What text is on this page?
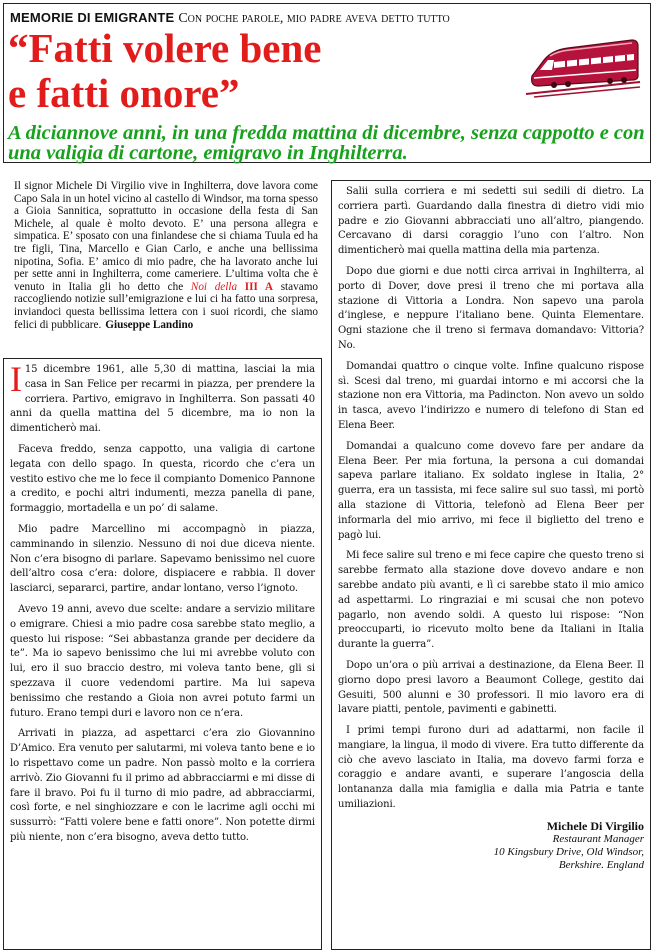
MEMORIE DI EMIGRANTE Con poche parole, mio padre aveva detto tutto
“Fatti volere bene
e fatti onore”
A diciannove anni, in una fredda mattina di dicembre, senza cappotto e con una valigia di cartone, emigravo in Inghilterra.
Il signor Michele Di Virgilio vive in Inghilterra, dove lavora come Capo Sala in un hotel vicino al castello di Windsor, ma torna spesso a Gioia Sannitica, soprattutto in occasione della festa di San Michele, al quale è molto devoto. E’ una persona allegra e simpatica. E’ sposato con una finlandese che si chiama Tuula ed ha tre figli, Tina, Marcello e Gian Carlo, e anche una bellissima nipotina, Sofia. E’ amico di mio padre, che ha lavorato anche lui per sette anni in Inghilterra, come cameriere. L’ultima volta che è venuto in Italia gli ho detto che Noi della III A stavamo raccogliendo notizie sull’emigrazione e lui ci ha fatto una sorpresa, inviandoci questa bellissima lettera con i suoi ricordi, che siamo felici di pubblicare. Giuseppe Landino

I 15 dicembre 1961, alle 5,30 di mattina, lasciai la mia casa in San Felice per recarmi in piazza, per prendere la corriera. Partivo, emigravo in Inghilterra. Son passati 40 anni da quella mattina del 5 dicembre, ma io non la dimenticherò mai.

Faceva freddo, senza cappotto, una valigia di cartone legata con dello spago. In questa, ricordo che c’era un vestito estivo che me lo fece il compianto Domenico Pannone a credito, e pochi altri indumenti, mezza panella di pane, formaggio, mortadella e un po’ di salame.

Mio padre Marcellino mi accompagnò in piazza, camminando in silenzio. Nessuno di noi due diceva niente. Non c’era bisogno di parlare. Sapevamo benissimo nel cuore dell’altro cosa c’era: dolore, dispiacere e rabbia. Il dover lasciarci, separarci, partire, andar lontano, verso l’ignoto.

Avevo 19 anni, avevo due scelte: andare a servizio militare o emigrare. Chiesi a mio padre cosa sarebbe stato meglio, a questo lui rispose: “Sei abbastanza grande per decidere da te”. Ma io sapevo benissimo che lui mi avrebbe voluto con lui, ero il suo braccio destro, mi voleva tanto bene, gli si spezzava il cuore vedendomi partire. Ma lui sapeva benissimo che restando a Gioia non avrei potuto farmi un futuro. Erano tempi duri e lavoro non ce n’era.

Arrivati in piazza, ad aspettarci c’era zio Giovannino D’Amico. Era venuto per salutarmi, mi voleva tanto bene e io lo rispettavo come un padre. Non passò molto e la corriera arrivò. Zio Giovanni fu il primo ad abbracciarmi e mi disse di fare il bravo. Poi fu il turno di mio padre, ad abbracciarmi, così forte, e nel singhiozzare e con le lacrime agli occhi mi sussurrò: “Fatti volere bene e fatti onore”. Non potette dirmi più niente, non c’era bisogno, aveva detto tutto.

Salii sulla corriera e mi sedetti sui sedili di dietro. La corriera partì. Guardando dalla finestra di dietro vidi mio padre e zio Giovanni abbracciati uno all’altro, piangendo. Cercavano di darsi coraggio l’uno con l’altro. Non dimenticherò mai quella mattina della mia partenza.

Dopo due giorni e due notti circa arrivai in Inghilterra, al porto di Dover, dove presi il treno che mi portava alla stazione di Vittoria a Londra. Non sapevo una parola d’inglese, e neppure l’italiano bene. Quinta Elementare. Ogni stazione che il treno si fermava domandavo: Vittoria? No.

Domandai quattro o cinque volte. Infine qualcuno rispose sì. Scesi dal treno, mi guardai intorno e mi accorsi che la stazione non era Vittoria, ma Padincton. Non avevo un soldo in tasca, avevo l’indirizzo e numero di telefono di Stan ed Elena Beer.

Domandai a qualcuno come dovevo fare per andare da Elena Beer. Per mia fortuna, la persona a cui domandai sapeva parlare italiano. Ex soldato inglese in Italia, 2° guerra, era un tassista, mi fece salire sul suo tassì, mi portò alla stazione di Vittoria, telefonò ad Elena Beer per informarla del mio arrivo, mi fece il biglietto del treno e pagò lui.

Mi fece salire sul treno e mi fece capire che questo treno si sarebbe fermato alla stazione dove dovevo andare e non sarebbe andato più avanti, e lì ci sarebbe stato il mio amico ad aspettarmi. Lo ringraziai e mi scusai che non potevo pagarlo, non avendo soldi. A questo lui rispose: “Non preoccuparti, io ricevuto molto bene da Italiani in Italia durante la guerra”.

Dopo un’ora o più arrivai a destinazione, da Elena Beer. Il giorno dopo presi lavoro a Beaumont College, gestito dai Gesuiti, 500 alunni e 30 professori. Il mio lavoro era di lavare piatti, pentole, pavimenti e gabinetti.

I primi tempi furono duri ad adattarmi, non facile il mangiare, la lingua, il modo di vivere. Era tutto differente da ciò che avevo lasciato in Italia, ma dovevo farmi forza e coraggio e andare avanti, e superare l’angoscia della lontananza dalla mia famiglia e dalla mia Patria e tante umiliazioni.

Michele Di Virgilio
Restaurant Manager
10 Kingsbury Drive, Old Windsor,
Berkshire. England
